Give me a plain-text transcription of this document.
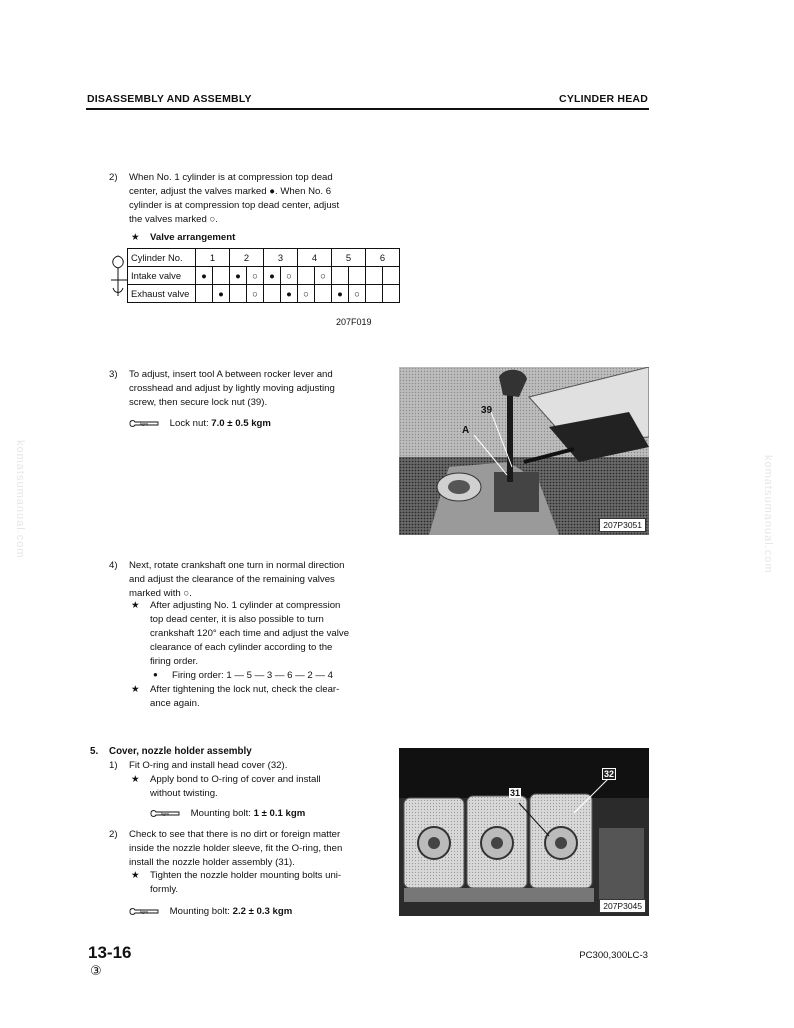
komatsumanual.com	komatsumanual.com
DISASSEMBLY AND ASSEMBLY	CYLINDER HEAD
2) When No. 1 cylinder is at compression top dead

center, adjust the valves marked ●. When No. 6

cylinder is at compression top dead center, adjust

the valves marked ○.

★ Valve arrangement
Cylinder No.	1		2		3		4		5		6	
Intake valve	●		●	○	●	○		○				
Exhaust valve		●		○		●	○		●	○		
207F019
3) To adjust, insert tool A between rocker lever and

crosshead and adjust by lightly moving adjusting

screw, then secure lock nut (39).

kgm Lock nut: 7.0 ± 0.5 kgm
39
A
207P3051
4) Next, rotate crankshaft one turn in normal direction

and adjust the clearance of the remaining valves

marked with ○.

★ After adjusting No. 1 cylinder at compression

top dead center, it is also possible to turn

crankshaft 120° each time and adjust the valve

clearance of each cylinder according to the

firing order.

● Firing order: 1 — 5 — 3 — 6 — 2 — 4
★ After tightening the lock nut, check the clear-

ance again.

5. Cover, nozzle holder assembly
1) Fit O-ring and install head cover (32).
★ Apply bond to O-ring of cover and install

without twisting.

kgm Mounting bolt: 1 ± 0.1 kgm
2) Check to see that there is no dirt or foreign matter

inside the nozzle holder sleeve, fit the O-ring, then

install the nozzle holder assembly (31).

★ Tighten the nozzle holder mounting bolts uni-

formly.

kgm Mounting bolt: 2.2 ± 0.3 kgm
31
32
207P3045
13-16
③
PC300,300LC-3
